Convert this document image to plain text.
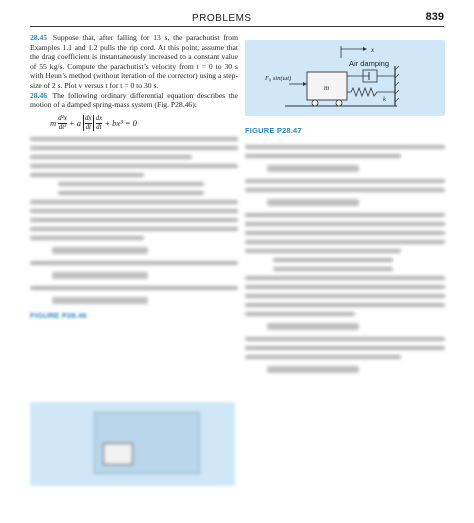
PROBLEMS	839

28.45 Suppose that, after falling for 13 s, the parachutist from Examples 1.1 and 1.2 pulls the rip cord. At this point, assume that the drag coefficient is instantaneously increased to a constant value of 55 kg/s. Compute the parachutist’s velocity from t = 0 to 30 s with Heun’s method (without iteration of the corrector) using a step-size of 2 s. Plot v versus t for t = 0 to 30 s.

28.46 The following ordinary differential equation describes the motion of a damped spring-mass system (Fig. P28.46):

m $\frac{\text{d²x}}{\text{dt²}} + a \frac{dx}{dt} \frac{dx}{dt} + bx^3 = 0$
FIGURE P28.46
x
Air damping
m
k
F₀ sin(ωt)
FIGURE P28.47
